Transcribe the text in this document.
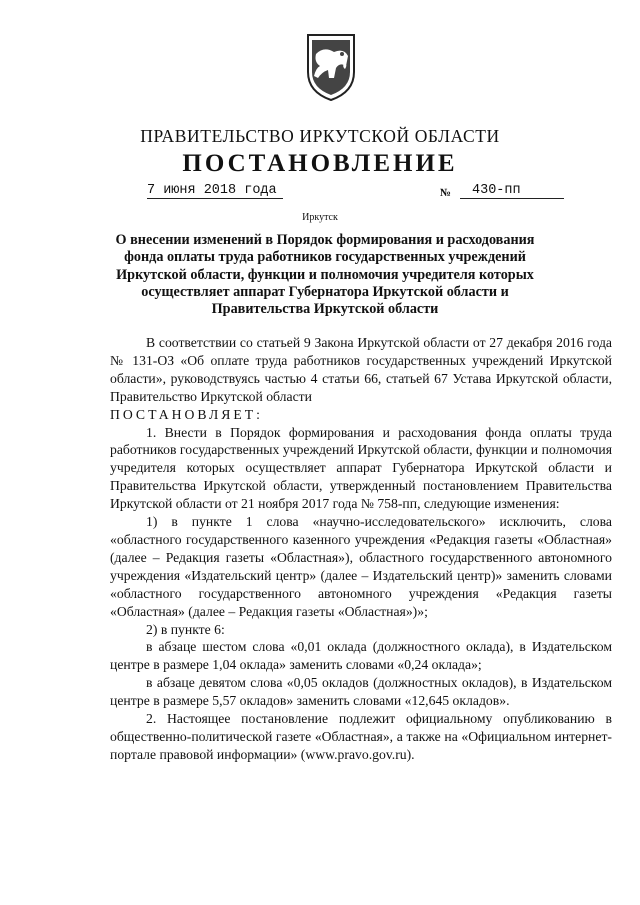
ПРАВИТЕЛЬСТВО ИРКУТСКОЙ ОБЛАСТИ
ПОСТАНОВЛЕНИЕ
7 июня 2018 года	№	430-пп
Иркутск
О внесении изменений в Порядок формирования и расходования фонда оплаты труда работников государственных учреждений Иркутской области, функции и полномочия учредителя которых осуществляет аппарат Губернатора Иркутской области и Правительства Иркутской области

В соответствии со статьей 9 Закона Иркутской области от 27 декабря 2016 года № 131-ОЗ «Об оплате труда работников государственных учреждений Иркутской области», руководствуясь частью 4 статьи 66, статьей 67 Устава Иркутской области, Правительство Иркутской области

ПОСТАНОВЛЯЕТ:

1. Внести в Порядок формирования и расходования фонда оплаты труда работников государственных учреждений Иркутской области, функции и полномочия учредителя которых осуществляет аппарат Губернатора Иркутской области и Правительства Иркутской области, утвержденный постановлением Правительства Иркутской области от 21 ноября 2017 года № 758-пп, следующие изменения:

1) в пункте 1 слова «научно-исследовательского» исключить, слова «областного государственного казенного учреждения «Редакция газеты «Областная» (далее – Редакция газеты «Областная»), областного государственного автономного учреждения «Издательский центр» (далее – Издательский центр)» заменить словами «областного государственного автономного учреждения «Редакция газеты «Областная» (далее – Редакция газеты «Областная»)»;

2) в пункте 6:

в абзаце шестом слова «0,01 оклада (должностного оклада), в Издательском центре в размере 1,04 оклада» заменить словами «0,24 оклада»;

в абзаце девятом слова «0,05 окладов (должностных окладов), в Издательском центре в размере 5,57 окладов» заменить словами «12,645 окладов».

2. Настоящее постановление подлежит официальному опубликованию в общественно-политической газете «Областная», а также на «Официальном интернет-портале правовой информации» (www.pravo.gov.ru).
